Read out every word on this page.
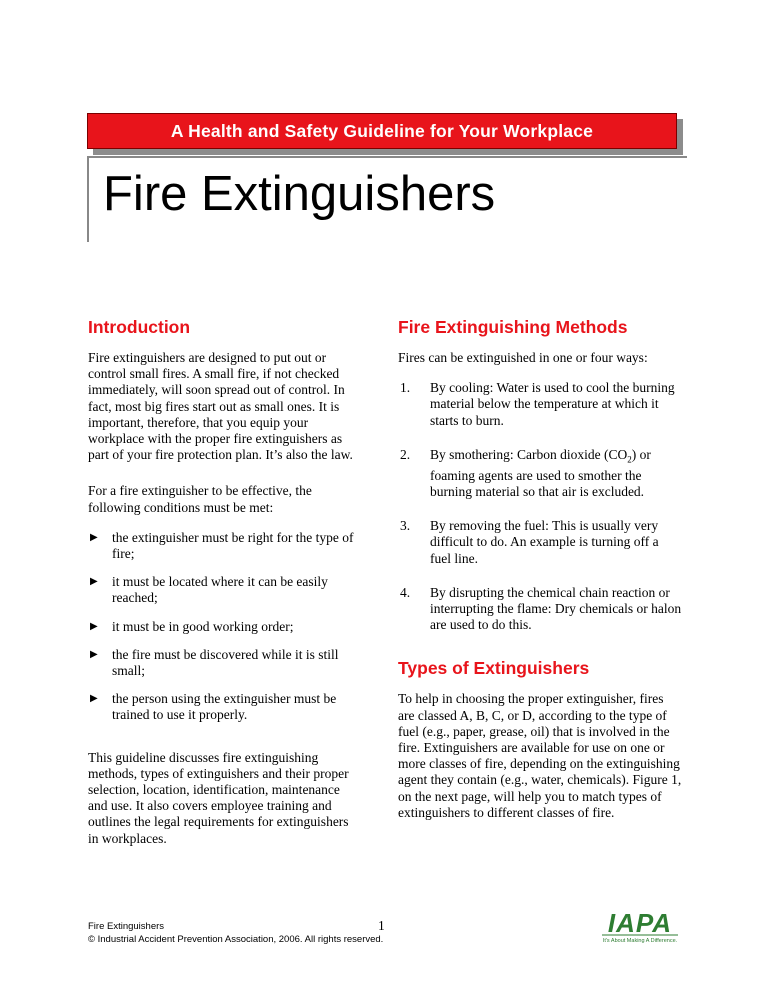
A Health and Safety Guideline for Your Workplace
Fire Extinguishers
Introduction

Fire extinguishers are designed to put out or control small fires. A small fire, if not checked immediately, will soon spread out of control. In fact, most big fires start out as small ones. It is important, therefore, that you equip your workplace with the proper fire extinguishers as part of your fire protection plan. It’s also the law.

For a fire extinguisher to be effective, the following conditions must be met:

▶ the extinguisher must be right for the type of fire;
▶ it must be located where it can be easily reached;
▶ it must be in good working order;
▶ the fire must be discovered while it is still small;
▶ the person using the extinguisher must be trained to use it properly.

This guideline discusses fire extinguishing methods, types of extinguishers and their proper selection, location, identification, maintenance and use. It also covers employee training and outlines the legal requirements for extinguishers in workplaces.

Fire Extinguishing Methods

Fires can be extinguished in one or four ways:

1. By cooling: Water is used to cool the burning material below the temperature at which it starts to burn.
2. By smothering: Carbon dioxide $(CO_2)$ or foaming agents are used to smother the burning material so that air is excluded.
3. By removing the fuel: This is usually very difficult to do. An example is turning off a fuel line.
4. By disrupting the chemical chain reaction or interrupting the flame: Dry chemicals or halon are used to do this.
Types of Extinguishers

To help in choosing the proper extinguisher, fires are classed A, B, C, or D, according to the type of fuel (e.g., paper, grease, oil) that is involved in the fire. Extinguishers are available for use on one or more classes of fire, depending on the extinguishing agent they contain (e.g., water, chemicals). Figure 1, on the next page, will help you to match types of extinguishers to different classes of fire.

Fire Extinguishers
© Industrial Accident Prevention Association, 2006. All rights reserved.
1	IAPA
It's About Making A Difference.
